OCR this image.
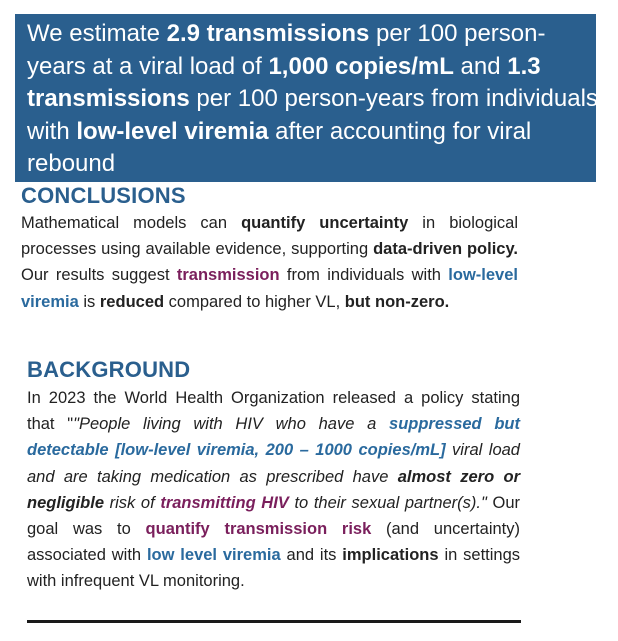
We estimate 2.9 transmissions per 100 person-years at a viral load of 1,000 copies/mL and 1.3 transmissions per 100 person-years from individuals with low-level viremia after accounting for viral rebound

CONCLUSIONS

Mathematical models can quantify uncertainty in biological processes using available evidence, supporting data-driven policy. Our results suggest transmission from individuals with low-level viremia is reduced compared to higher VL, but non-zero.

BACKGROUND

In 2023 the World Health Organization released a policy stating that ""People living with HIV who have a suppressed but detectable [low-level viremia, 200 – 1000 copies/mL] viral load and are taking medication as prescribed have almost zero or negligible risk of transmitting HIV to their sexual partner(s)." Our goal was to quantify transmission risk (and uncertainty) associated with low level viremia and its implications in settings with infrequent VL monitoring.
